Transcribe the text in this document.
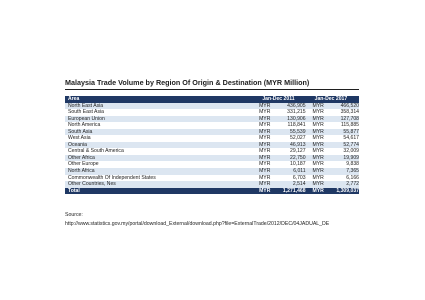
Malaysia Trade Volume by Region Of Origin & Destination (MYR Million)
Area	Jan-Dec 2011	Jan-Dec 2017
North East Asia	MYR	436,905	MYR	466,520
South East Asia	MYR	331,215	MYR	358,314
European Union	MYR	130,906	MYR	127,708
North America	MYR	118,841	MYR	115,885
South Asia	MYR	55,539	MYR	55,877
West Asia	MYR	52,027	MYR	54,617
Oceania	MYR	46,913	MYR	52,774
Central & South America	MYR	29,127	MYR	32,009
Other Africa	MYR	22,750	MYR	19,909
Other Europe	MYR	10,187	MYR	9,838
North Africa	MYR	6,011	MYR	7,365
Commonwealth Of Independent States	MYR	6,703	MYR	6,166
Other Countries, Nes	MYR	2,514	MYR	2,772
Total	MYR	1,271,468	MYR	1,309,037
Source:
http://www.statistics.gov.my/portal/download_External/download.php?file=ExternalTrade/2012/DEC/04JADUAL_DE
